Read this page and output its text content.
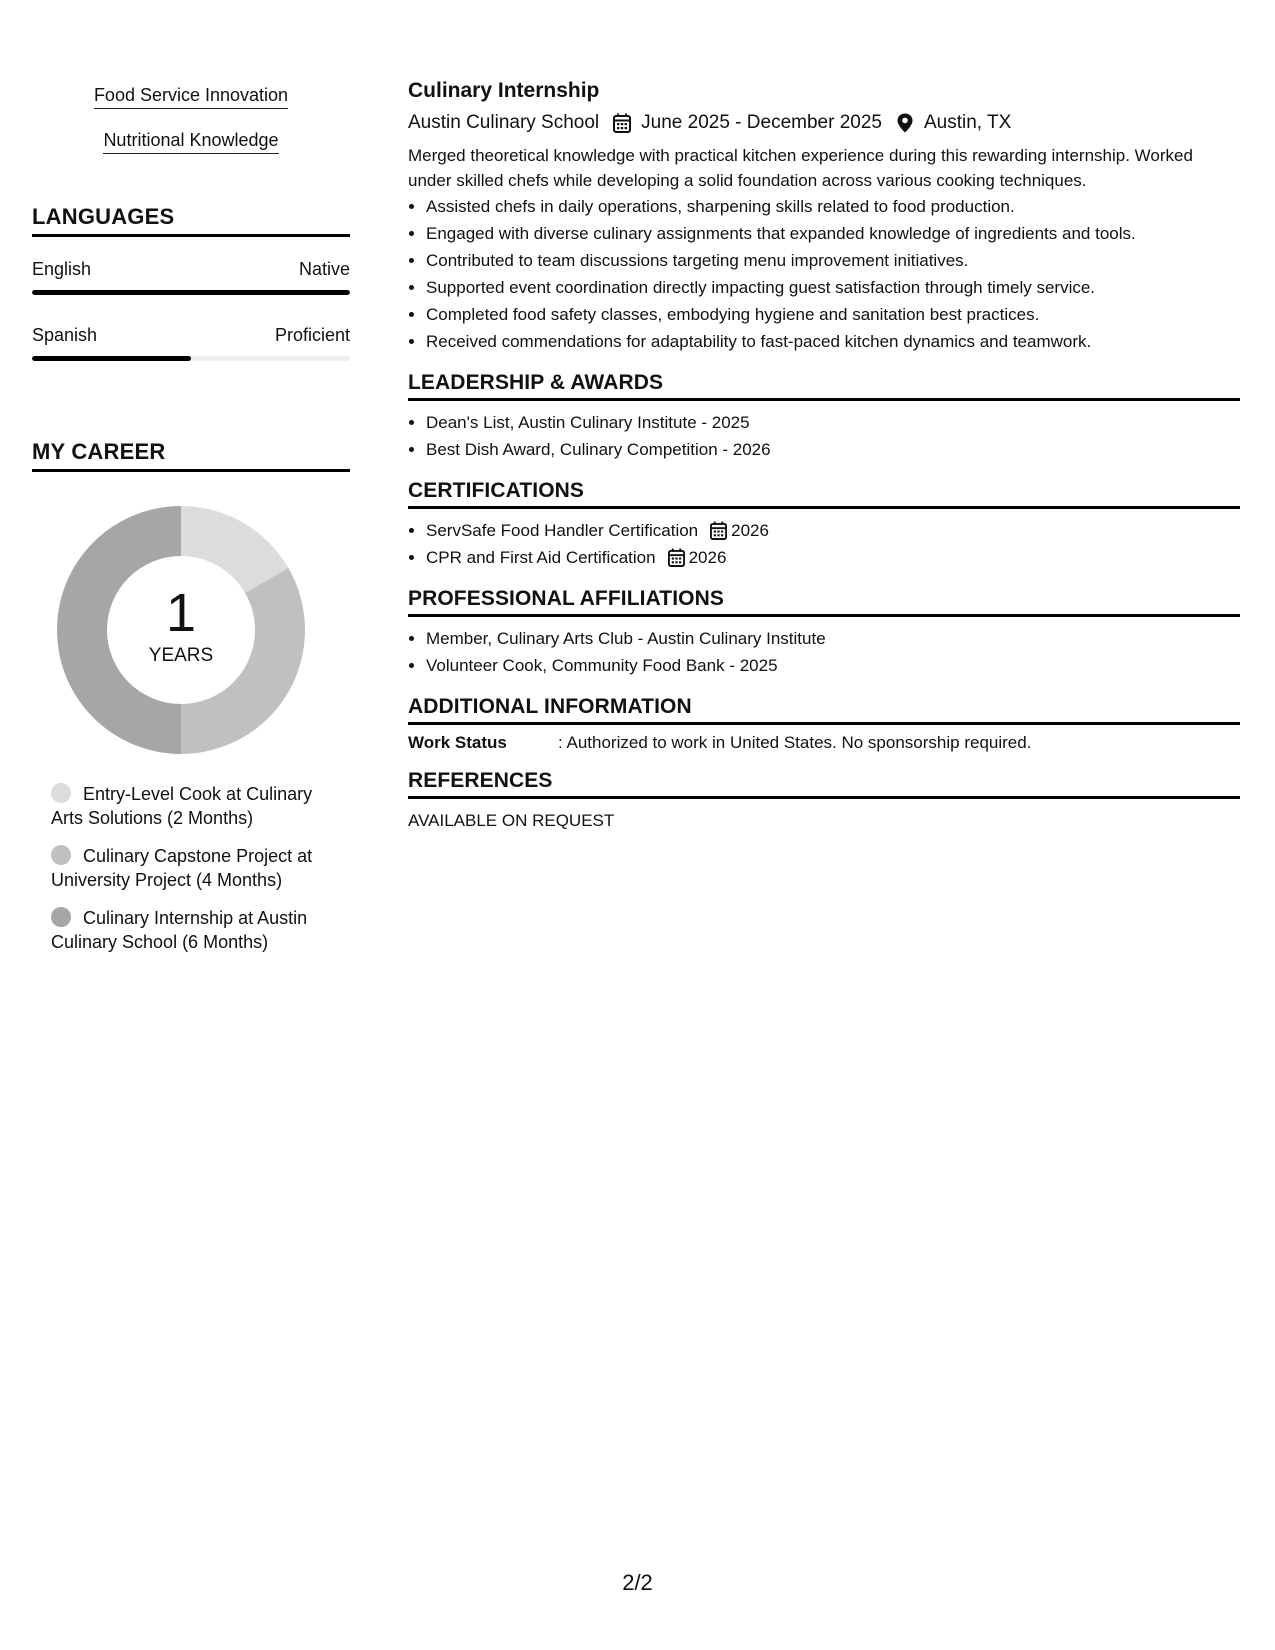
Food Service Innovation
Nutritional Knowledge
LANGUAGES
English	Native
Spanish	Proficient
MY CAREER
1
YEARS
Entry-Level Cook at Culinary Arts Solutions (2 Months)
Culinary Capstone Project at University Project (4 Months)
Culinary Internship at Austin Culinary School (6 Months)
Culinary Internship
Austin Culinary School June 2025 - December 2025 Austin, TX
Merged theoretical knowledge with practical kitchen experience during this rewarding internship. Worked under skilled chefs while developing a solid foundation across various cooking techniques.
• Assisted chefs in daily operations, sharpening skills related to food production.
• Engaged with diverse culinary assignments that expanded knowledge of ingredients and tools.
• Contributed to team discussions targeting menu improvement initiatives.
• Supported event coordination directly impacting guest satisfaction through timely service.
• Completed food safety classes, embodying hygiene and sanitation best practices.
• Received commendations for adaptability to fast-paced kitchen dynamics and teamwork.
LEADERSHIP & AWARDS
• Dean's List, Austin Culinary Institute - 2025
• Best Dish Award, Culinary Competition - 2026
CERTIFICATIONS
• ServSafe Food Handler Certification 2026
• CPR and First Aid Certification 2026
PROFESSIONAL AFFILIATIONS
• Member, Culinary Arts Club - Austin Culinary Institute
• Volunteer Cook, Community Food Bank - 2025
ADDITIONAL INFORMATION
Work Status	: Authorized to work in United States. No sponsorship required.
REFERENCES
AVAILABLE ON REQUEST
2/2
